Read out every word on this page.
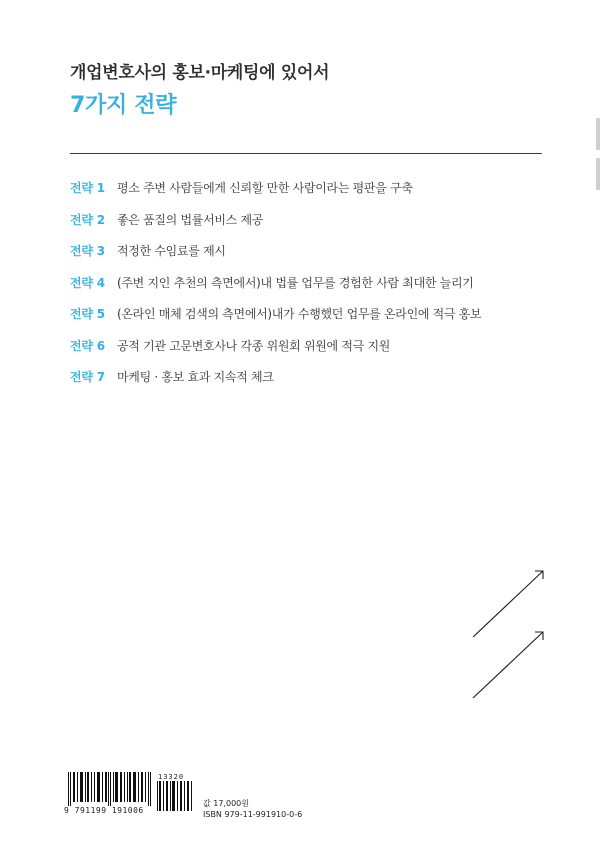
개업변호사의 홍보·마케팅에 있어서
7가지 전략
전략 1	평소 주변 사람들에게 신뢰할 만한 사람이라는 평판을 구축
전략 2	좋은 품질의 법률서비스 제공
전략 3	적정한 수임료를 제시
전략 4	(주변 지인 추천의 측면에서)내 법률 업무를 경험한 사람 최대한 늘리기
전략 5	(온라인 매체 검색의 측면에서)내가 수행했던 업무를 온라인에 적극 홍보
전략 6	공적 기관 고문변호사나 각종 위원회 위원에 적극 지원
전략 7	마케팅 · 홍보 효과 지속적 체크
9 791199 191006
13320
값 17,000원
ISBN 979-11-991910-0-6
